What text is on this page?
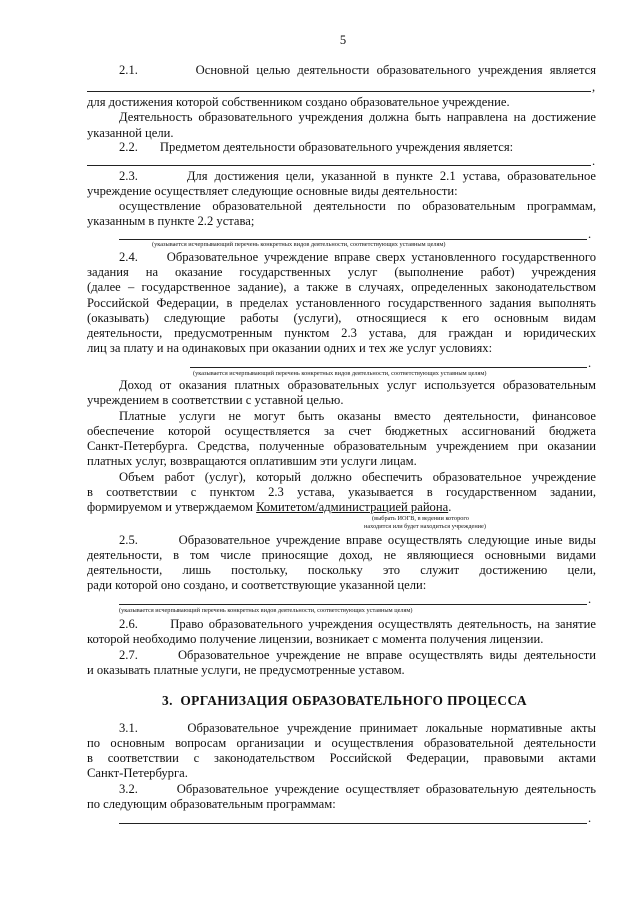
5
2.1.        Основной целью деятельности образовательного учреждения является
,
для достижения которой собственником создано образовательное учреждение.
Деятельность образовательного учреждения должна быть направлена на достижение
указанной цели.
2.2.       Предметом деятельности образовательного учреждения является:
.
2.3.       Для достижения цели, указанной в пункте 2.1 устава, образовательное
учреждение осуществляет следующие основные виды деятельности:
осуществление образовательной деятельности по образовательным программам,
указанным в пункте 2.2 устава;
.
(указывается исчерпывающий перечень конкретных видов деятельности, соответствующих уставным целям)
2.4.     Образовательное учреждение вправе сверх установленного государственного
задания на оказание государственных услуг (выполнение работ) учреждения
(далее – государственное задание), а также в случаях, определенных законодательством
Российской Федерации, в пределах установленного государственного задания выполнять
(оказывать) следующие работы (услуги), относящиеся к его основным видам
деятельности, предусмотренным пунктом 2.3 устава, для граждан и юридических
лиц за плату и на одинаковых при оказании одних и тех же услуг условиях:
.
(указывается исчерпывающий перечень конкретных видов деятельности, соответствующих уставным целям)
Доход от оказания платных образовательных услуг используется образовательным
учреждением в соответствии с уставной целью.
Платные услуги не могут быть оказаны вместо деятельности, финансовое
обеспечение которой осуществляется за счет бюджетных ассигнований бюджета
Санкт-Петербурга. Средства, полученные образовательным учреждением при оказании
платных услуг, возвращаются оплатившим эти услуги лицам.
Объем работ (услуг), который должно обеспечить образовательное учреждение
в соответствии с пунктом 2.3 устава, указывается в государственном задании,
формируемом и утверждаемом Комитетом/администрацией района.
(выбрать ИОГВ, в ведении которого
находится или будет находиться учреждение)
2.5.       Образовательное учреждение вправе осуществлять следующие иные виды
деятельности, в том числе приносящие доход, не являющиеся основными видами
деятельности, лишь постольку, поскольку это служит достижению цели,
ради которой оно создано, и соответствующие указанной цели:
.
(указывается исчерпывающий перечень конкретных видов деятельности, соответствующих уставным целям)
2.6.      Право образовательного учреждения осуществлять деятельность, на занятие
которой необходимо получение лицензии, возникает с момента получения лицензии.
2.7.      Образовательное учреждение не вправе осуществлять виды деятельности
и оказывать платные услуги, не предусмотренные уставом.
3.  ОРГАНИЗАЦИЯ ОБРАЗОВАТЕЛЬНОГО ПРОЦЕССА
3.1.      Образовательное учреждение принимает локальные нормативные акты
по основным вопросам организации и осуществления образовательной деятельности
в соответствии с законодательством Российской Федерации, правовыми актами
Санкт-Петербурга.
3.2.      Образовательное учреждение осуществляет образовательную деятельность
по следующим образовательным программам:
.
